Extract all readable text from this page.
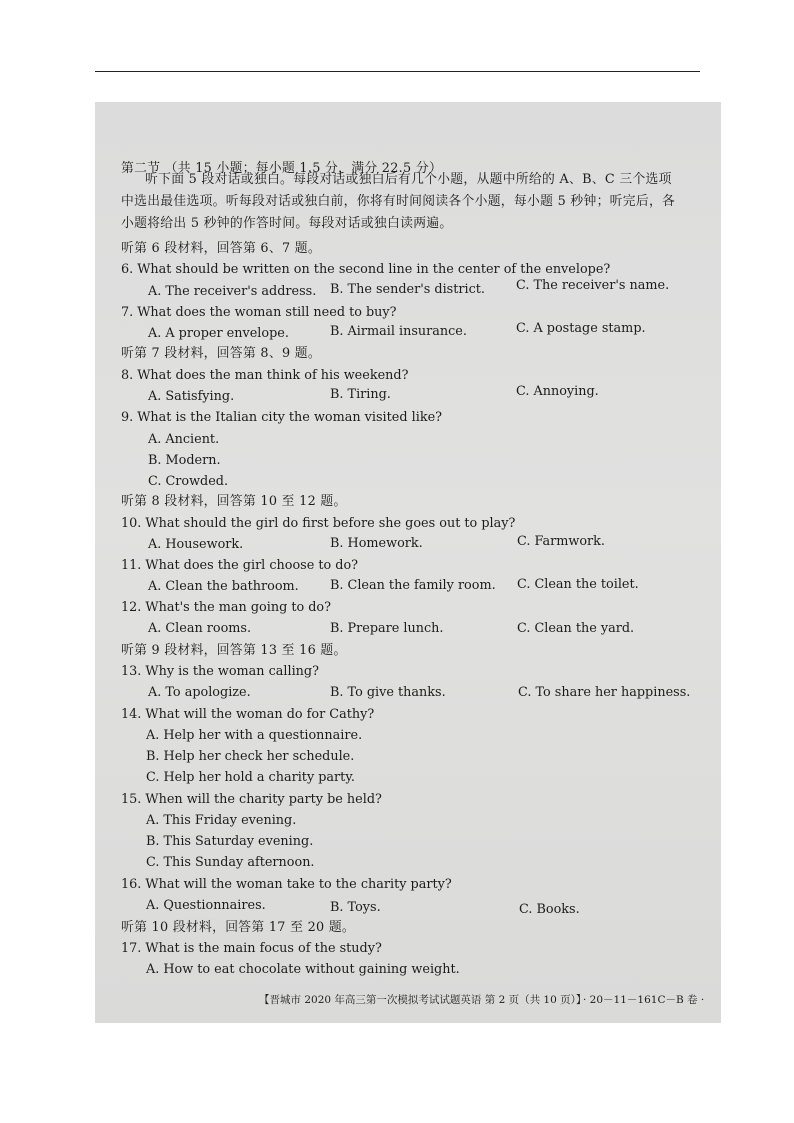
第二节 （共 15 小题；每小题 1.5 分，满分 22.5 分）
听下面 5 段对话或独白。每段对话或独白后有几个小题，从题中所给的 A、B、C 三个选项
中选出最佳选项。听每段对话或独白前，你将有时间阅读各个小题，每小题 5 秒钟；听完后，各
小题将给出 5 秒钟的作答时间。每段对话或独白读两遍。
听第 6 段材料，回答第 6、7 题。
6. What should be written on the second line in the center of the envelope?
A. The receiver's address. B. The sender's district. C. The receiver's name.
7. What does the woman still need to buy?
A. A proper envelope.	B. Airmail insurance.	C. A postage stamp.
听第 7 段材料，回答第 8、9 题。
8. What does the man think of his weekend?
A. Satisfying.	B. Tiring.	C. Annoying.
9. What is the Italian city the woman visited like?
A. Ancient.
B. Modern.
C. Crowded.
听第 8 段材料，回答第 10 至 12 题。
10. What should the girl do first before she goes out to play?
A. Housework.	B. Homework.	C. Farmwork.
11. What does the girl choose to do?
A. Clean the bathroom. B. Clean the family room. C. Clean the toilet.
12. What's the man going to do?
A. Clean rooms.	B. Prepare lunch.	C. Clean the yard.
听第 9 段材料，回答第 13 至 16 题。
13. Why is the woman calling?
A. To apologize.	B. To give thanks.	C. To share her happiness.
14. What will the woman do for Cathy?
A. Help her with a questionnaire.
B. Help her check her schedule.
C. Help her hold a charity party.
15. When will the charity party be held?
A. This Friday evening.
B. This Saturday evening.
C. This Sunday afternoon.
16. What will the woman take to the charity party?
A. Questionnaires.	B. Toys.	C. Books.
听第 10 段材料，回答第 17 至 20 题。
17. What is the main focus of the study?
A. How to eat chocolate without gaining weight.
【晋城市 2020 年高三第一次模拟考试试题英语 第 2 页（共 10 页）】
· 20－11－161C－B 卷 ·
